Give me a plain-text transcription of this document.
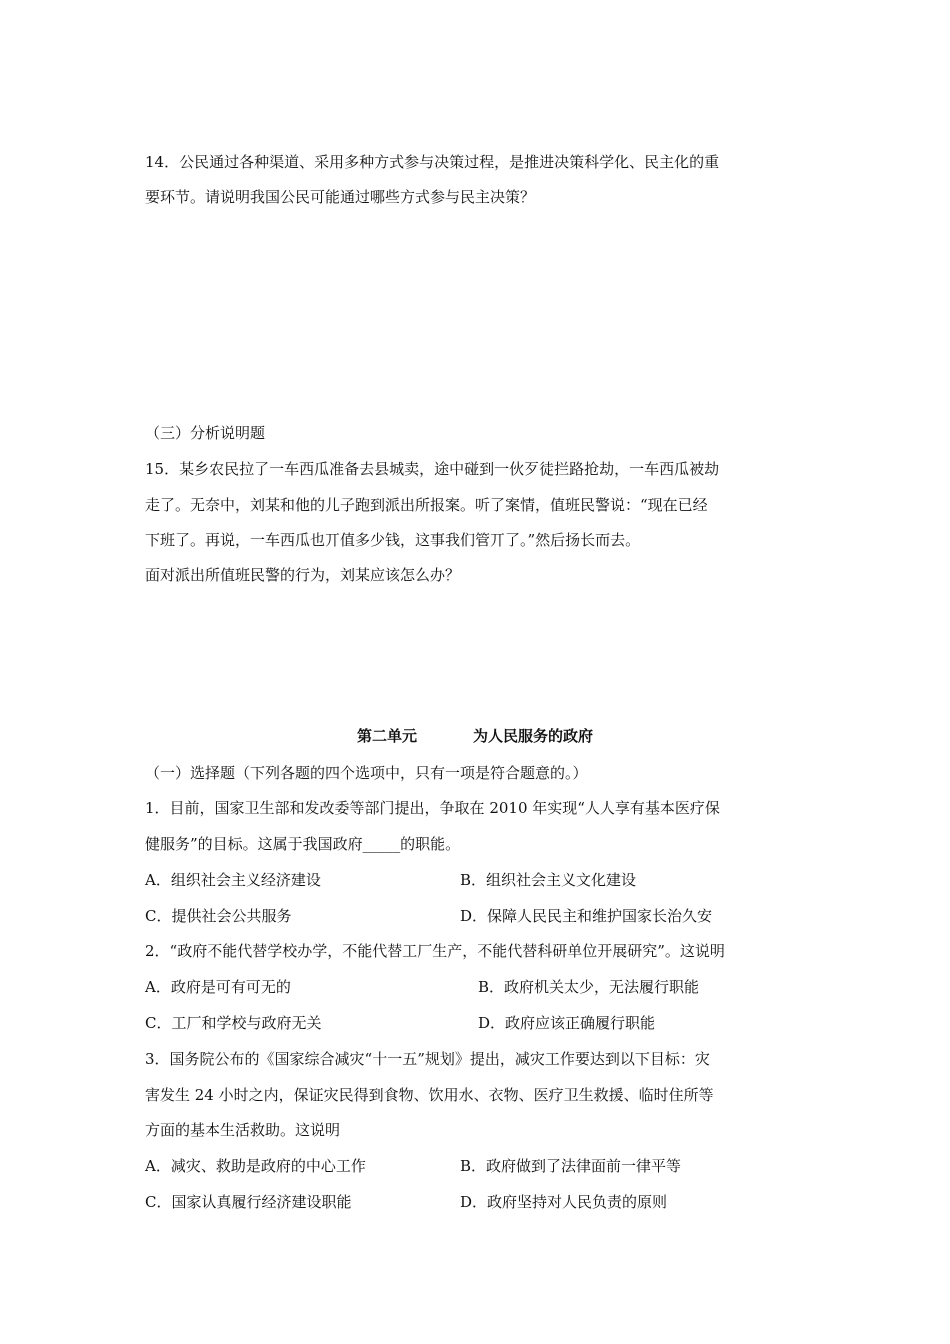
14．公民通过各种渠道、采用多种方式参与决策过程，是推进决策科学化、民主化的重
要环节。请说明我国公民可能通过哪些方式参与民主决策？
（三）分析说明题
15．某乡农民拉了一车西瓜准备去县城卖，途中碰到一伙歹徒拦路抢劫，一车西瓜被劫
走了。无奈中，刘某和他的儿子跑到派出所报案。听了案情，值班民警说：“现在已经
下班了。再说，一车西瓜也丌值多少钱，这事我们管丌了。”然后扬长而去。
面对派出所值班民警的行为，刘某应该怎么办？
第二单元	为人民服务的政府
（一）选择题（下列各题的四个选项中，只有一项是符合题意的。）
1．目前，国家卫生部和发改委等部门提出，争取在 2010 年实现“人人享有基本医疗保
健服务”的目标。这属于我国政府_____的职能。
A．组织社会主义经济建设	B．组织社会主义文化建设
C．提供社会公共服务	D．保障人民民主和维护国家长治久安
2．“政府不能代替学校办学，不能代替工厂生产，不能代替科研单位开展研究”。这说明
A．政府是可有可无的	B．政府机关太少，无法履行职能
C．工厂和学校与政府无关	D．政府应该正确履行职能
3．国务院公布的《国家综合减灾“十一五”规划》提出，减灾工作要达到以下目标：灾
害发生 24 小时之内，保证灾民得到食物、饮用水、衣物、医疗卫生救援、临时住所等
方面的基本生活救助。这说明
A．减灾、救助是政府的中心工作	B．政府做到了法律面前一律平等
C．国家认真履行经济建设职能	D．政府坚持对人民负责的原则
